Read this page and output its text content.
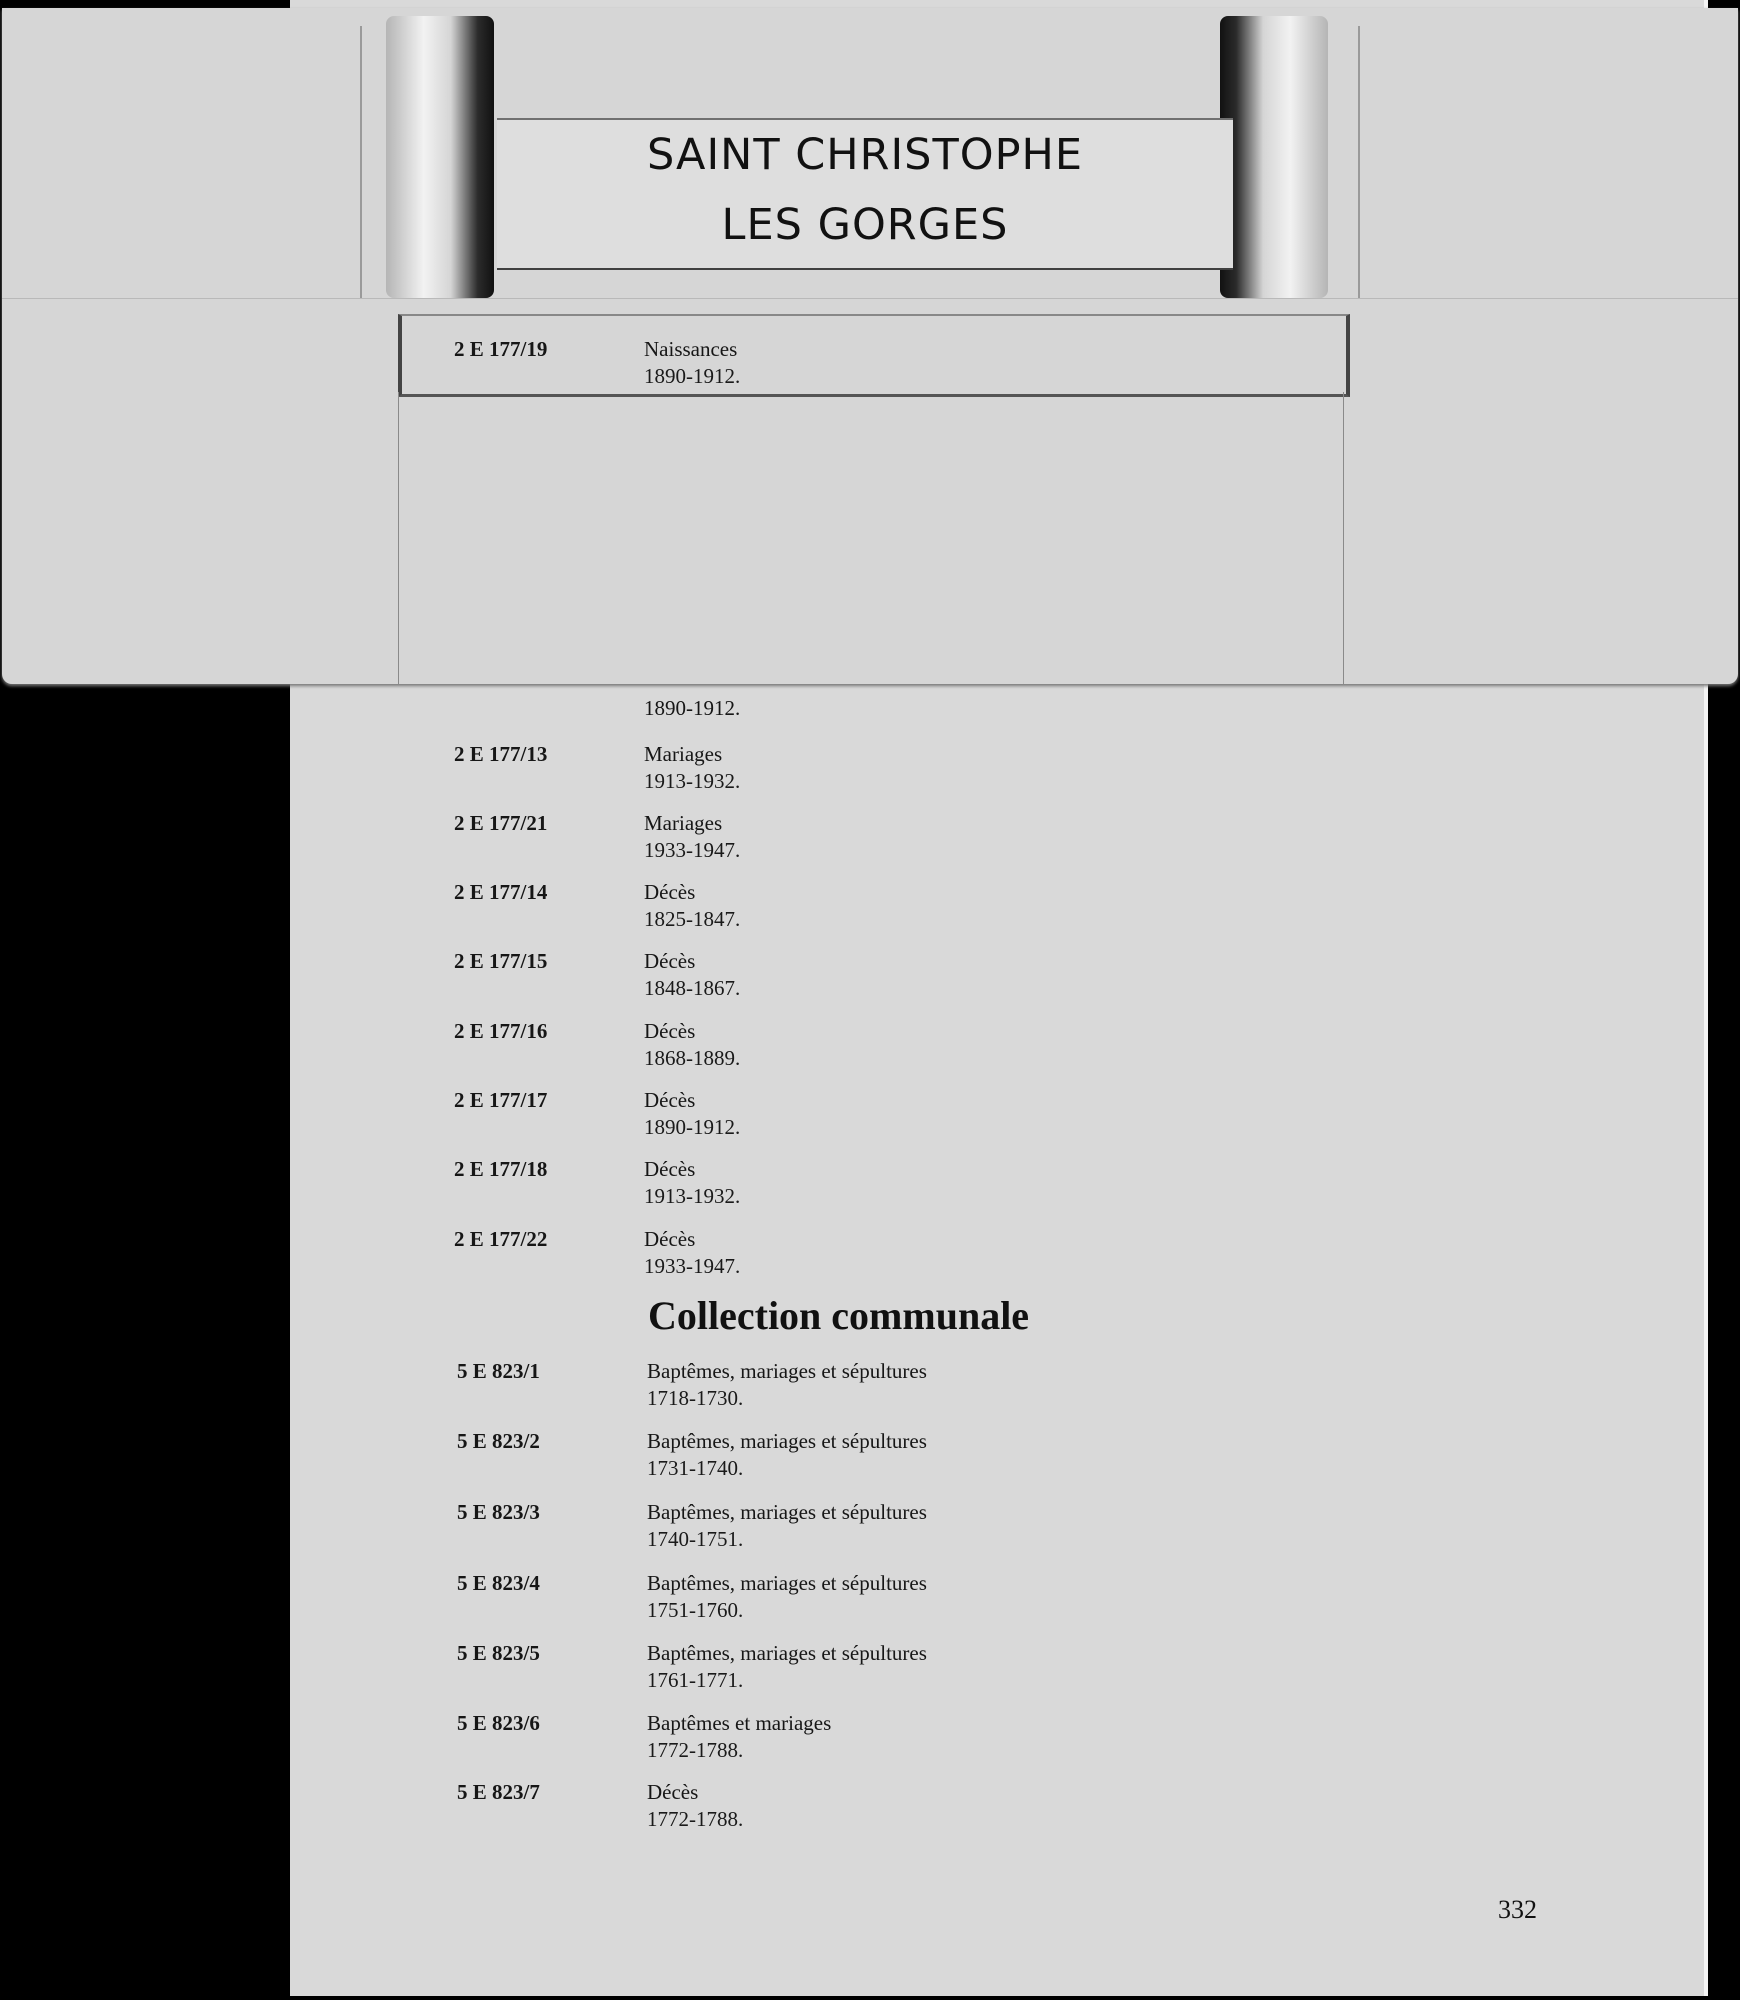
1890-1912.
2 E 177/13	Mariages
1913-1932.
2 E 177/21	Mariages
1933-1947.
2 E 177/14	Décès
1825-1847.
2 E 177/15	Décès
1848-1867.
2 E 177/16	Décès
1868-1889.
2 E 177/17	Décès
1890-1912.
2 E 177/18	Décès
1913-1932.
2 E 177/22	Décès
1933-1947.
Collection communale
5 E 823/1	Baptêmes, mariages et sépultures
1718-1730.
5 E 823/2	Baptêmes, mariages et sépultures
1731-1740.
5 E 823/3	Baptêmes, mariages et sépultures
1740-1751.
5 E 823/4	Baptêmes, mariages et sépultures
1751-1760.
5 E 823/5	Baptêmes, mariages et sépultures
1761-1771.
5 E 823/6	Baptêmes et mariages
1772-1788.
5 E 823/7	Décès
1772-1788.
332
SAINT CHRISTOPHE
LES GORGES
2 E 177/19	Naissances
1890-1912.
